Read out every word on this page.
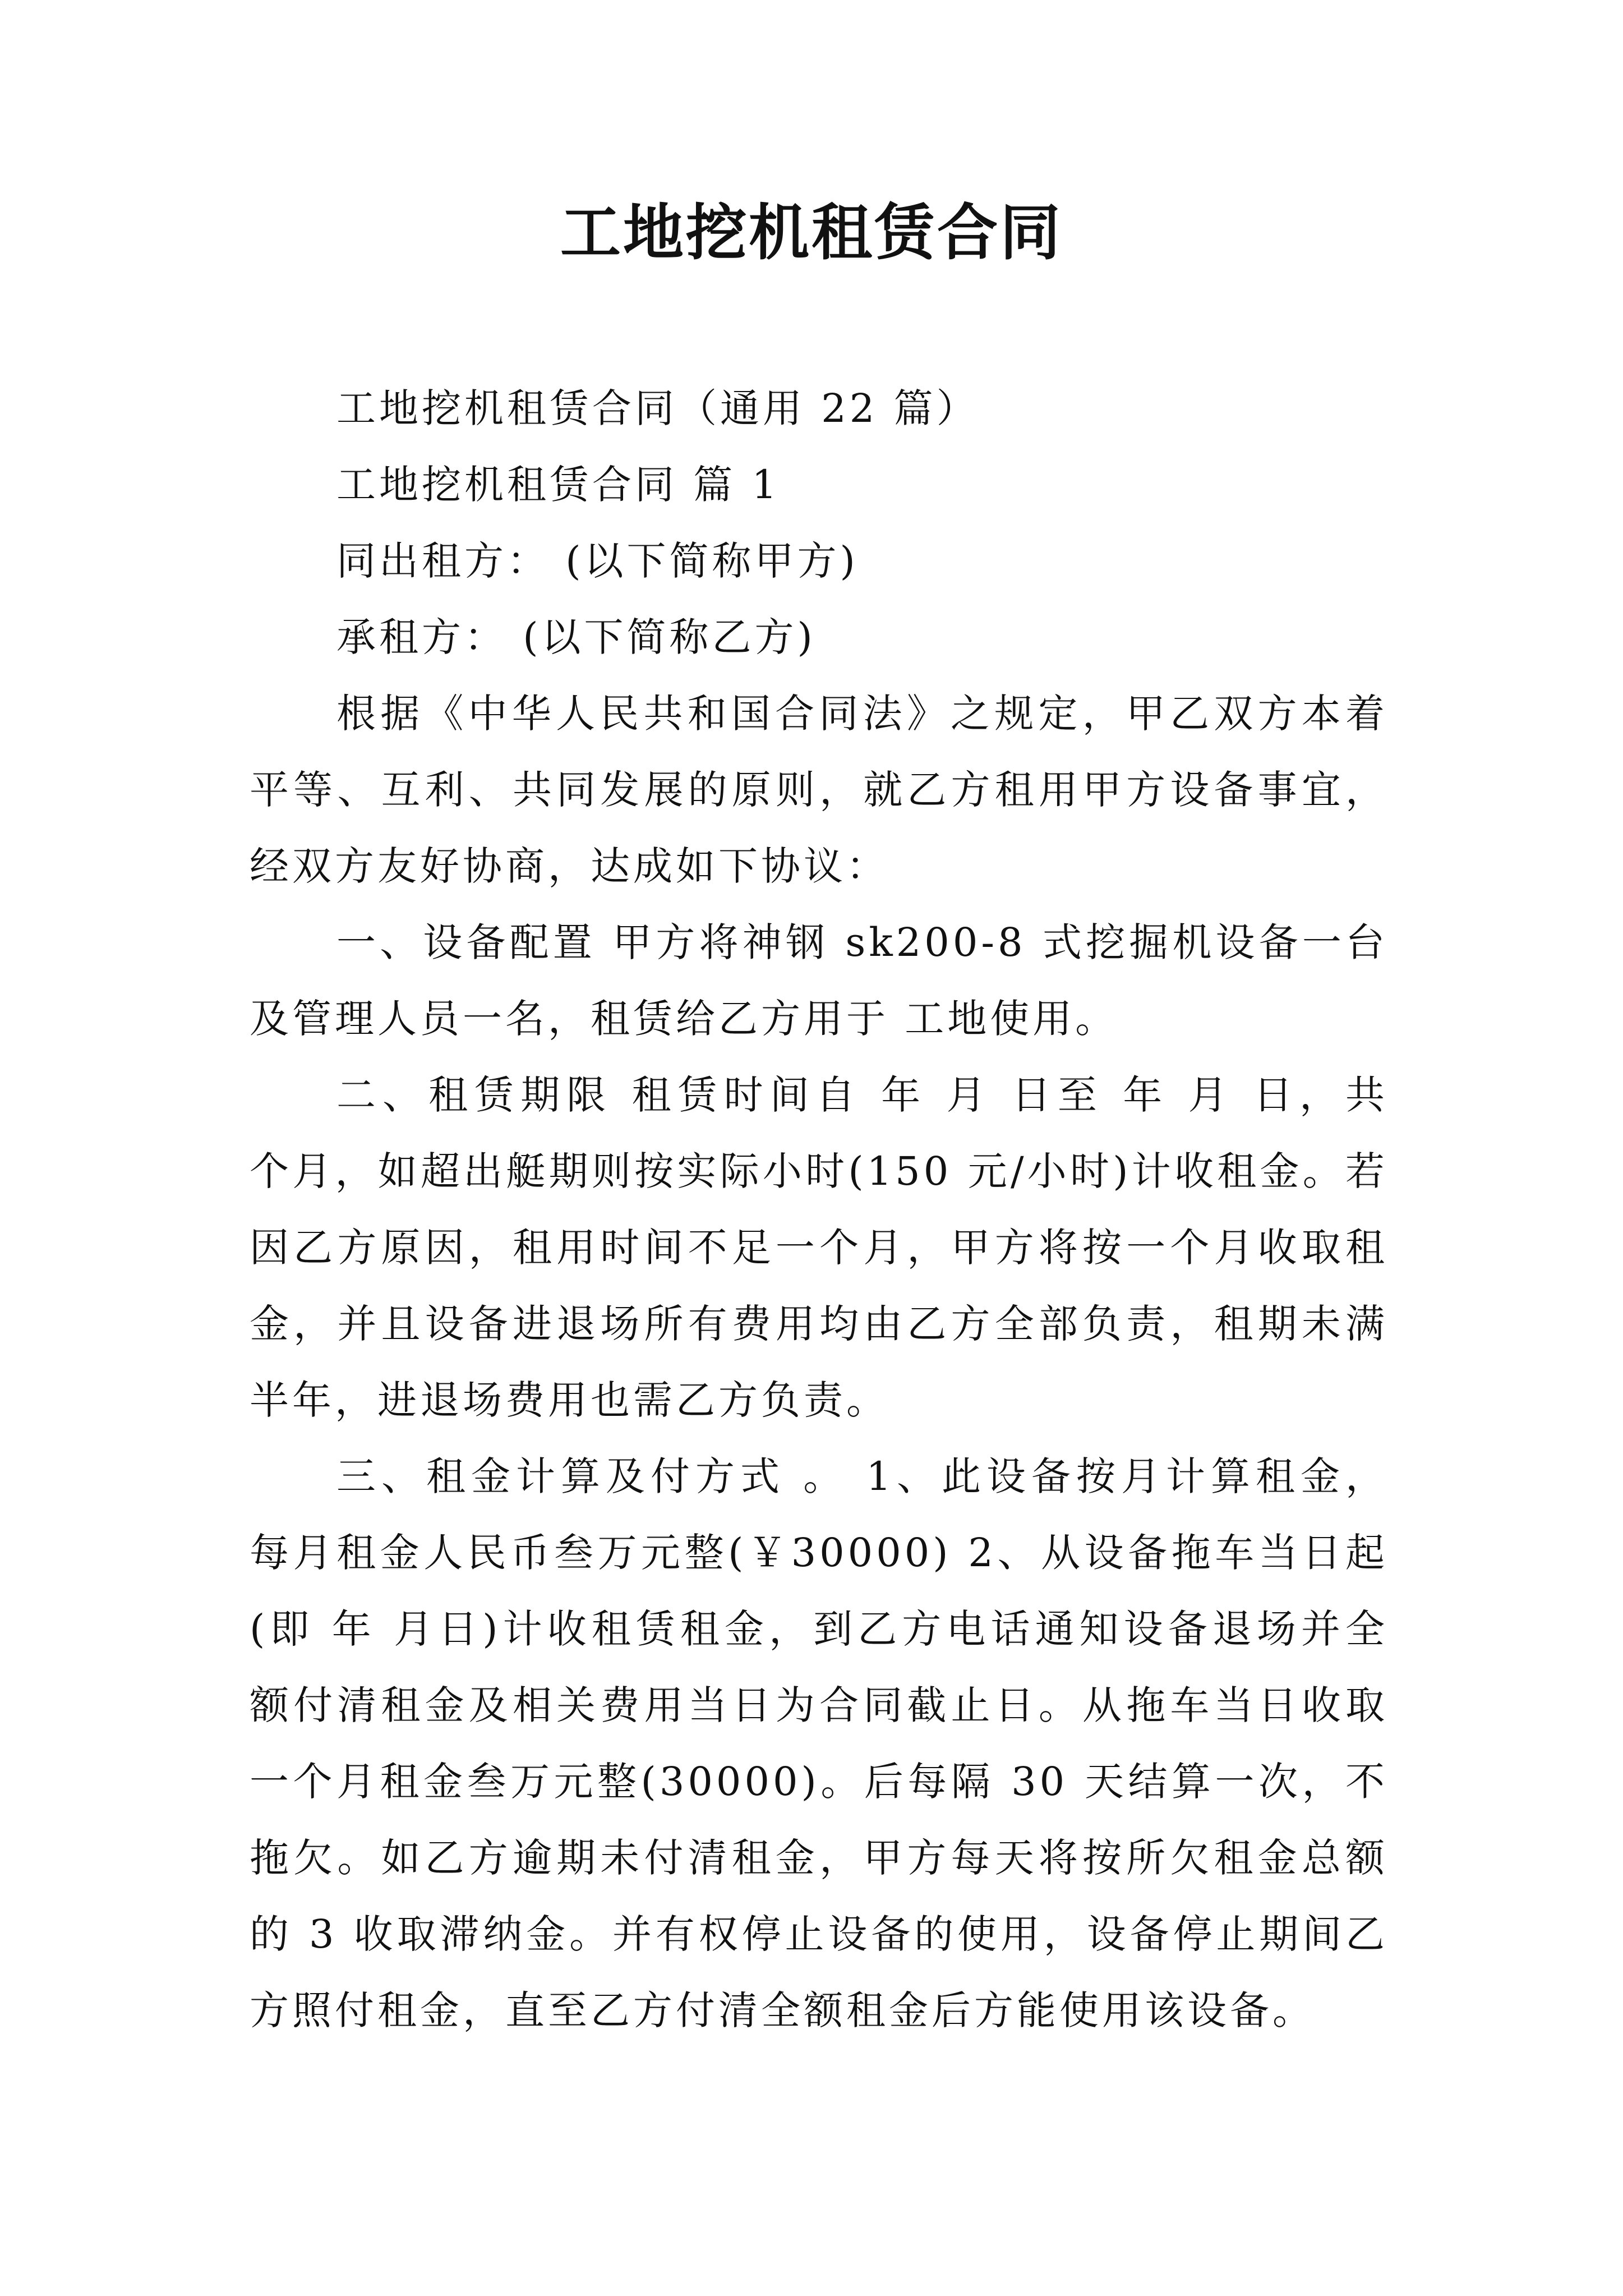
工地挖机租赁合同

工地挖机租赁合同（通用 22 篇）

工地挖机租赁合同 篇 1

同出租方： (以下简称甲方)

承租方： (以下简称乙方)

根据《中华人民共和国合同法》之规定，甲乙双方本着

平等、互利、共同发展的原则，就乙方租用甲方设备事宜，

经双方友好协商，达成如下协议：

一、设备配置 甲方将神钢 sk200-8 式挖掘机设备一台

及管理人员一名，租赁给乙方用于 工地使用。

二、租赁期限 租赁时间自 年 月 日至 年 月 日，共

个月，如超出艇期则按实际小时(150 元/小时)计收租金。若

因乙方原因，租用时间不足一个月，甲方将按一个月收取租

金，并且设备进退场所有费用均由乙方全部负责，租期未满

半年，进退场费用也需乙方负责。

三、租金计算及付方式 。 1、此设备按月计算租金，

每月租金人民币叁万元整(￥30000) 2、从设备拖车当日起

(即 年 月日)计收租赁租金，到乙方电话通知设备退场并全

额付清租金及相关费用当日为合同截止日。从拖车当日收取

一个月租金叁万元整(30000)。后每隔 30 天结算一次，不

拖欠。如乙方逾期未付清租金，甲方每天将按所欠租金总额

的 3 收取滞纳金。并有权停止设备的使用，设备停止期间乙

方照付租金，直至乙方付清全额租金后方能使用该设备。
